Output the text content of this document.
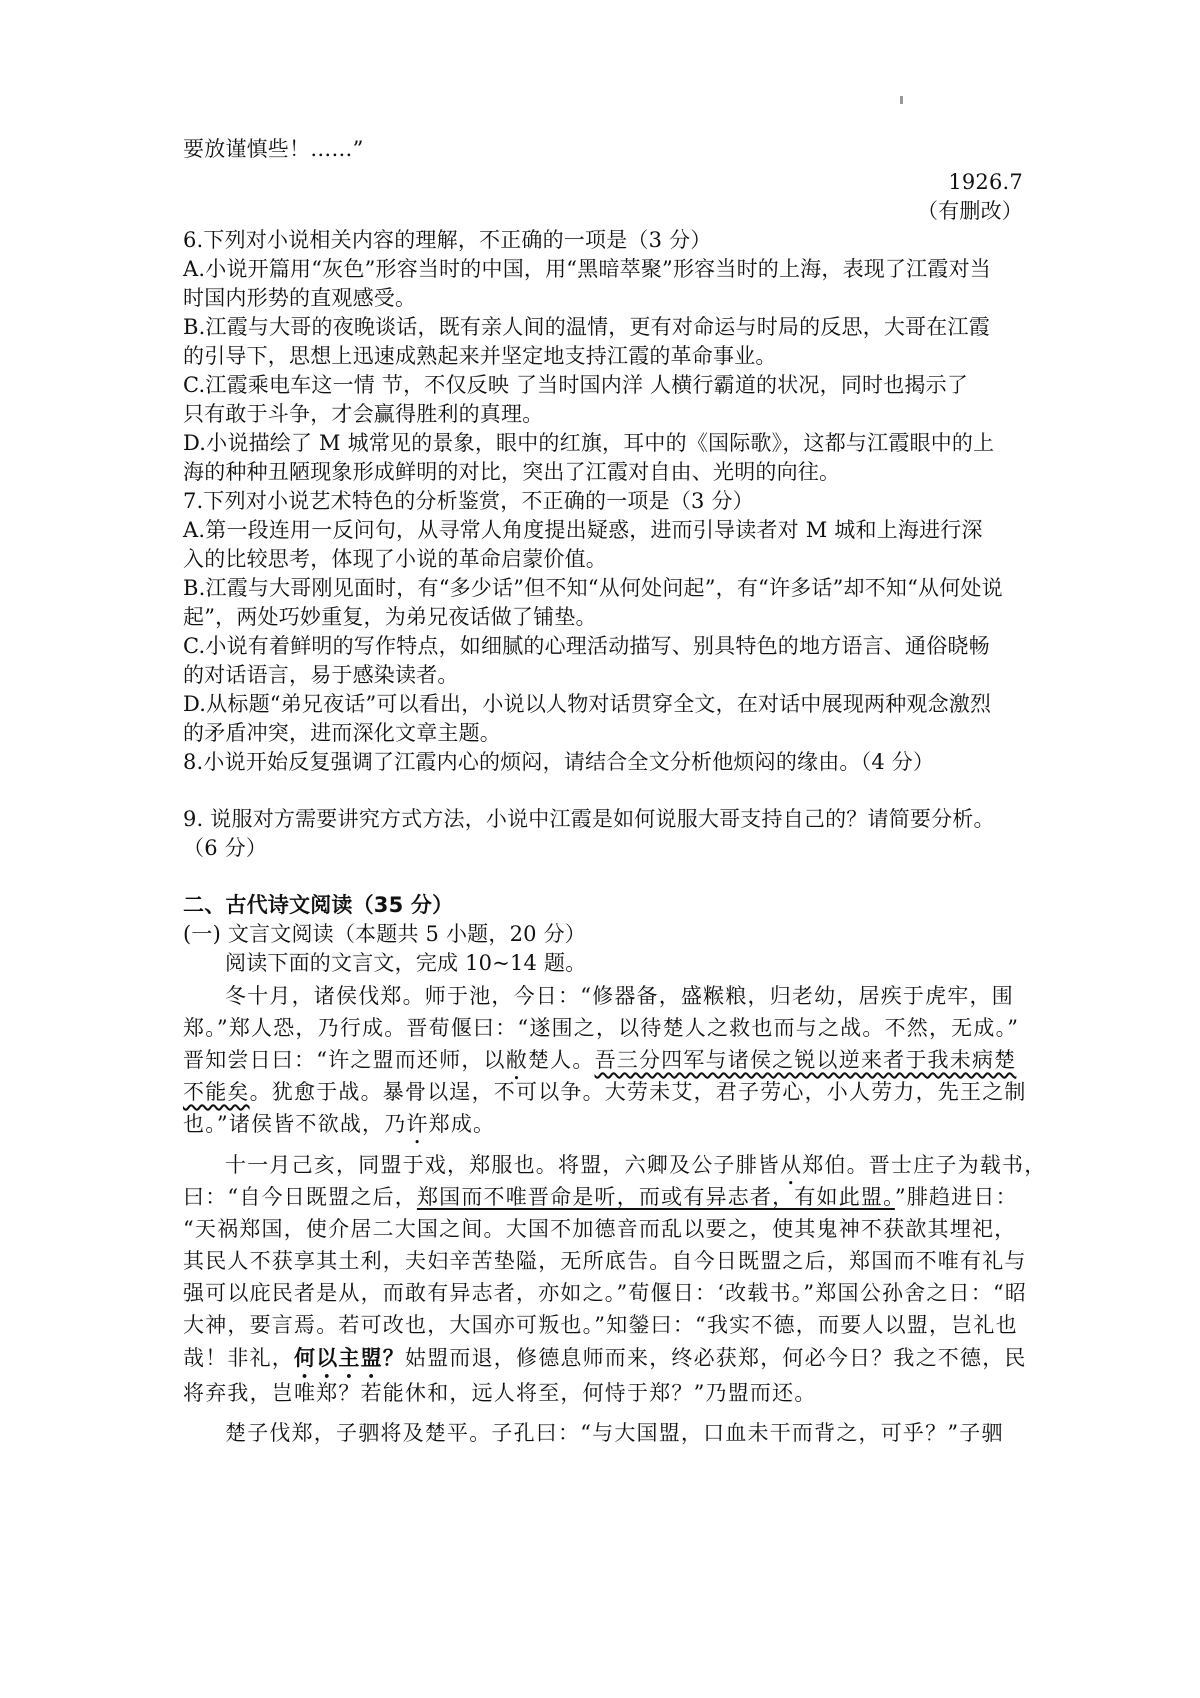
要放谨慎些！……”
1926.7
（有删改）
6.下列对小说相关内容的理解，不正确的一项是（3 分）
A.小说开篇用“灰色”形容当时的中国，用“黑暗萃聚”形容当时的上海，表现了江霞对当
时国内形势的直观感受。
B.江霞与大哥的夜晚谈话，既有亲人间的温情，更有对命运与时局的反思，大哥在江霞
的引导下，思想上迅速成熟起来并坚定地支持江霞的革命事业。
C.江霞乘电车这一情 节，不仅反映 了当时国内洋 人横行霸道的状况，同时也揭示了
只有敢于斗争，才会赢得胜利的真理。
D.小说描绘了 M 城常见的景象，眼中的红旗，耳中的《国际歌》，这都与江霞眼中的上
海的种种丑陋现象形成鲜明的对比，突出了江霞对自由、光明的向往。
7.下列对小说艺术特色的分析鉴赏，不正确的一项是（3 分）
A.第一段连用一反问句，从寻常人角度提出疑惑，进而引导读者对 M 城和上海进行深
入的比较思考，体现了小说的革命启蒙价值。
B.江霞与大哥刚见面时，有“多少话”但不知“从何处问起”，有“许多话”却不知“从何处说
起”，两处巧妙重复，为弟兄夜话做了铺垫。
C.小说有着鲜明的写作特点，如细腻的心理活动描写、别具特色的地方语言、通俗晓畅
的对话语言，易于感染读者。
D.从标题“弟兄夜话”可以看出，小说以人物对话贯穿全文，在对话中展现两种观念激烈
的矛盾冲突，进而深化文章主题。
8.小说开始反复强调了江霞内心的烦闷，请结合全文分析他烦闷的缘由。（4 分）
9. 说服对方需要讲究方式方法，小说中江霞是如何说服大哥支持自己的？请简要分析。
（6 分）
二、古代诗文阅读（35 分）
(一) 文言文阅读（本题共 5 小题，20 分）
阅读下面的文言文，完成 10~14 题。
冬十月，诸侯伐郑。师于池，今日：“修器备，盛糇粮，归老幼，居疾于虎牢，围
郑。”郑人恐，乃行成。晋荀偃曰：“遂围之，以待楚人之救也而与之战。不然，无成。”
晋知尝日曰：“许之盟而还师，以敝楚人。吾三分四军与诸侯之锐以逆来者于我未病楚
不能矣。犹愈于战。暴骨以逞，不可以争。大劳未艾，君子劳心，小人劳力，先王之制
也。”诸侯皆不欲战，乃许郑成。
十一月己亥，同盟于戏，郑服也。将盟，六卿及公子腓皆从郑伯。晋士庄子为载书，
曰：“自今日既盟之后，郑国而不唯晋命是听，而或有异志者，有如此盟。”腓趋进日：
“天祸郑国，使介居二大国之间。大国不加德音而乱以要之，使其鬼神不获歆其埋祀，
其民人不获享其土利，夫妇辛苦垫隘，无所底告。自今日既盟之后，郑国而不唯有礼与
强可以庇民者是从，而敢有异志者，亦如之。”荀偃日：‘改载书。”郑国公孙舍之日：“昭
大神，要言焉。若可改也，大国亦可叛也。”知鎣曰：“我实不德，而要人以盟，岂礼也
哉！非礼，何以主盟？姑盟而退，修德息师而来，终必获郑，何必今日？我之不德，民
将弃我，岂唯郑？若能休和，远人将至，何恃于郑？”乃盟而还。
楚子伐郑，子驷将及楚平。子孔曰：“与大国盟，口血未干而背之，可乎？”子驷
